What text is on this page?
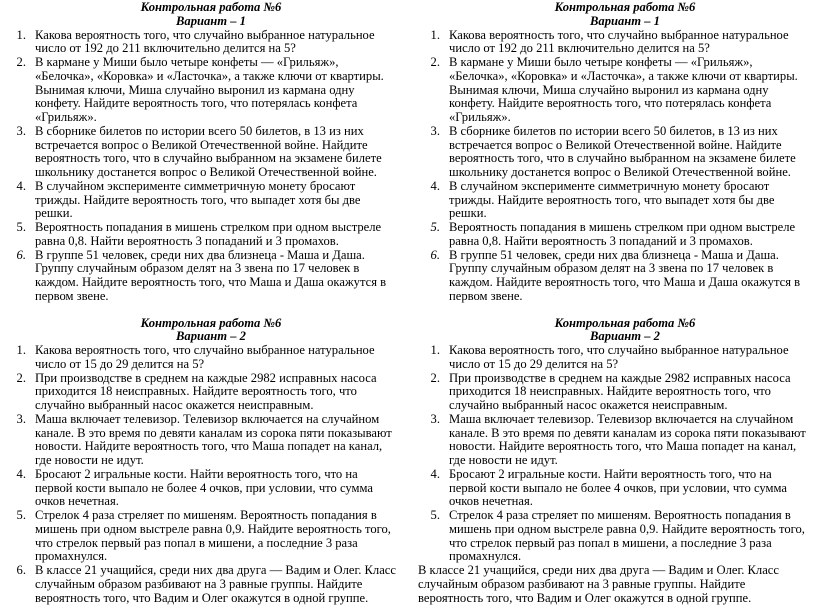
Контрольная работа №6
Вариант – 1
1. Какова вероятность того, что случайно выбранное натуральное число от 192 до 211 включительно делится на 5?
2. В кармане у Миши было четыре конфеты — «Грильяж», «Белочка», «Коровка» и «Ласточка», а также ключи от квартиры. Вынимая ключи, Миша случайно выронил из кармана одну конфету. Найдите вероятность того, что потерялась конфета «Грильяж».
3. В сборнике билетов по истории всего 50 билетов, в 13 из них встречается вопрос о Великой Отечественной войне. Найдите вероятность того, что в случайно выбранном на экзамене билете школьнику достанется вопрос о Великой Отечественной войне.
4. В случайном эксперименте симметричную монету бросают трижды. Найдите вероятность того, что выпадет хотя бы две решки.
5. Вероятность попадания в мишень стрелком при одном выстреле равна 0,8. Найти вероятность 3 попаданий и 3 промахов.
6. В группе 51 человек, среди них два близнеца - Маша и Даша. Группу случайным образом делят на 3 звена по 17 человек в каждом. Найдите вероятность того, что Маша и Даша окажутся в первом звене.
Контрольная работа №6
Вариант – 2
1. Какова вероятность того, что случайно выбранное натуральное число от 15 до 29 делится на 5?
2. При производстве в среднем на каждые 2982 исправных насоса приходится 18 неисправных. Найдите вероятность того, что случайно выбранный насос окажется неисправным.
3. Маша включает телевизор. Телевизор включается на случайном канале. В это время по девяти каналам из сорока пяти показывают новости. Найдите вероятность того, что Маша попадет на канал, где новости не идут.
4. Бросают 2 игральные кости. Найти вероятность того, что на первой кости выпало не более 4 очков, при условии, что сумма очков нечетная.
5. Стрелок 4 раза стреляет по мишеням. Вероятность попадания в мишень при одном выстреле равна 0,9. Найдите вероятность того, что стрелок первый раз попал в мишени, а последние 3 раза промахнулся.
6. В классе 21 учащийся, среди них два друга — Вадим и Олег. Класс случайным образом разбивают на 3 равные группы. Найдите вероятность того, что Вадим и Олег окажутся в одной группе.
Контрольная работа №6
Вариант – 1
1. Какова вероятность того, что случайно выбранное натуральное число от 192 до 211 включительно делится на 5?
2. В кармане у Миши было четыре конфеты — «Грильяж», «Белочка», «Коровка» и «Ласточка», а также ключи от квартиры. Вынимая ключи, Миша случайно выронил из кармана одну конфету. Найдите вероятность того, что потерялась конфета «Грильяж».
3. В сборнике билетов по истории всего 50 билетов, в 13 из них встречается вопрос о Великой Отечественной войне. Найдите вероятность того, что в случайно выбранном на экзамене билете школьнику достанется вопрос о Великой Отечественной войне.
4. В случайном эксперименте симметричную монету бросают трижды. Найдите вероятность того, что выпадет хотя бы две решки.
5. Вероятность попадания в мишень стрелком при одном выстреле равна 0,8. Найти вероятность 3 попаданий и 3 промахов.
6. В группе 51 человек, среди них два близнеца - Маша и Даша. Группу случайным образом делят на 3 звена по 17 человек в каждом. Найдите вероятность того, что Маша и Даша окажутся в первом звене.
Контрольная работа №6
Вариант – 2
1. Какова вероятность того, что случайно выбранное натуральное число от 15 до 29 делится на 5?
2. При производстве в среднем на каждые 2982 исправных насоса приходится 18 неисправных. Найдите вероятность того, что случайно выбранный насос окажется неисправным.
3. Маша включает телевизор. Телевизор включается на случайном канале. В это время по девяти каналам из сорока пяти показывают новости. Найдите вероятность того, что Маша попадет на канал, где новости не идут.
4. Бросают 2 игральные кости. Найти вероятность того, что на первой кости выпало не более 4 очков, при условии, что сумма очков нечетная.
5. Стрелок 4 раза стреляет по мишеням. Вероятность попадания в мишень при одном выстреле равна 0,9. Найдите вероятность того, что стрелок первый раз попал в мишени, а последние 3 раза промахнулся.
В классе 21 учащийся, среди них два друга — Вадим и Олег. Класс случайным образом разбивают на 3 равные группы. Найдите вероятность того, что Вадим и Олег окажутся в одной группе.
